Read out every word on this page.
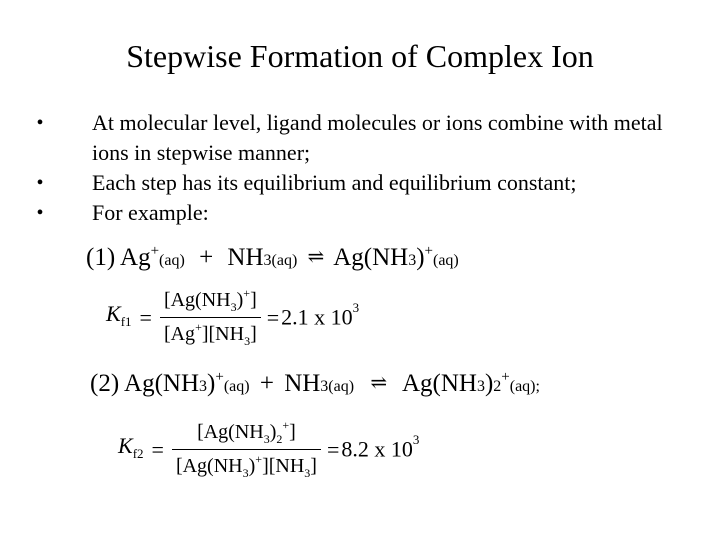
Stepwise Formation of Complex Ion
• At molecular level, ligand molecules or ions combine with metal ions in stepwise manner;
• Each step has its equilibrium and equilibrium constant;
• For example:
(1) Ag+(aq) + NH3(aq) ⇌ Ag(NH3)+(aq)
$K_{f1} = \frac{[Ag(NH_3)^+]}{[Ag^+][NH_3]} =2.1$ x $10^3$
(2) Ag(NH3)+(aq) + NH3(aq) ⇌ Ag(NH3)2+(aq);
$K_{f2} = \frac{[Ag(NH_3)_2^+]}{[Ag(NH_3)^+][NH_3]} =8.2$ x $10^3$
